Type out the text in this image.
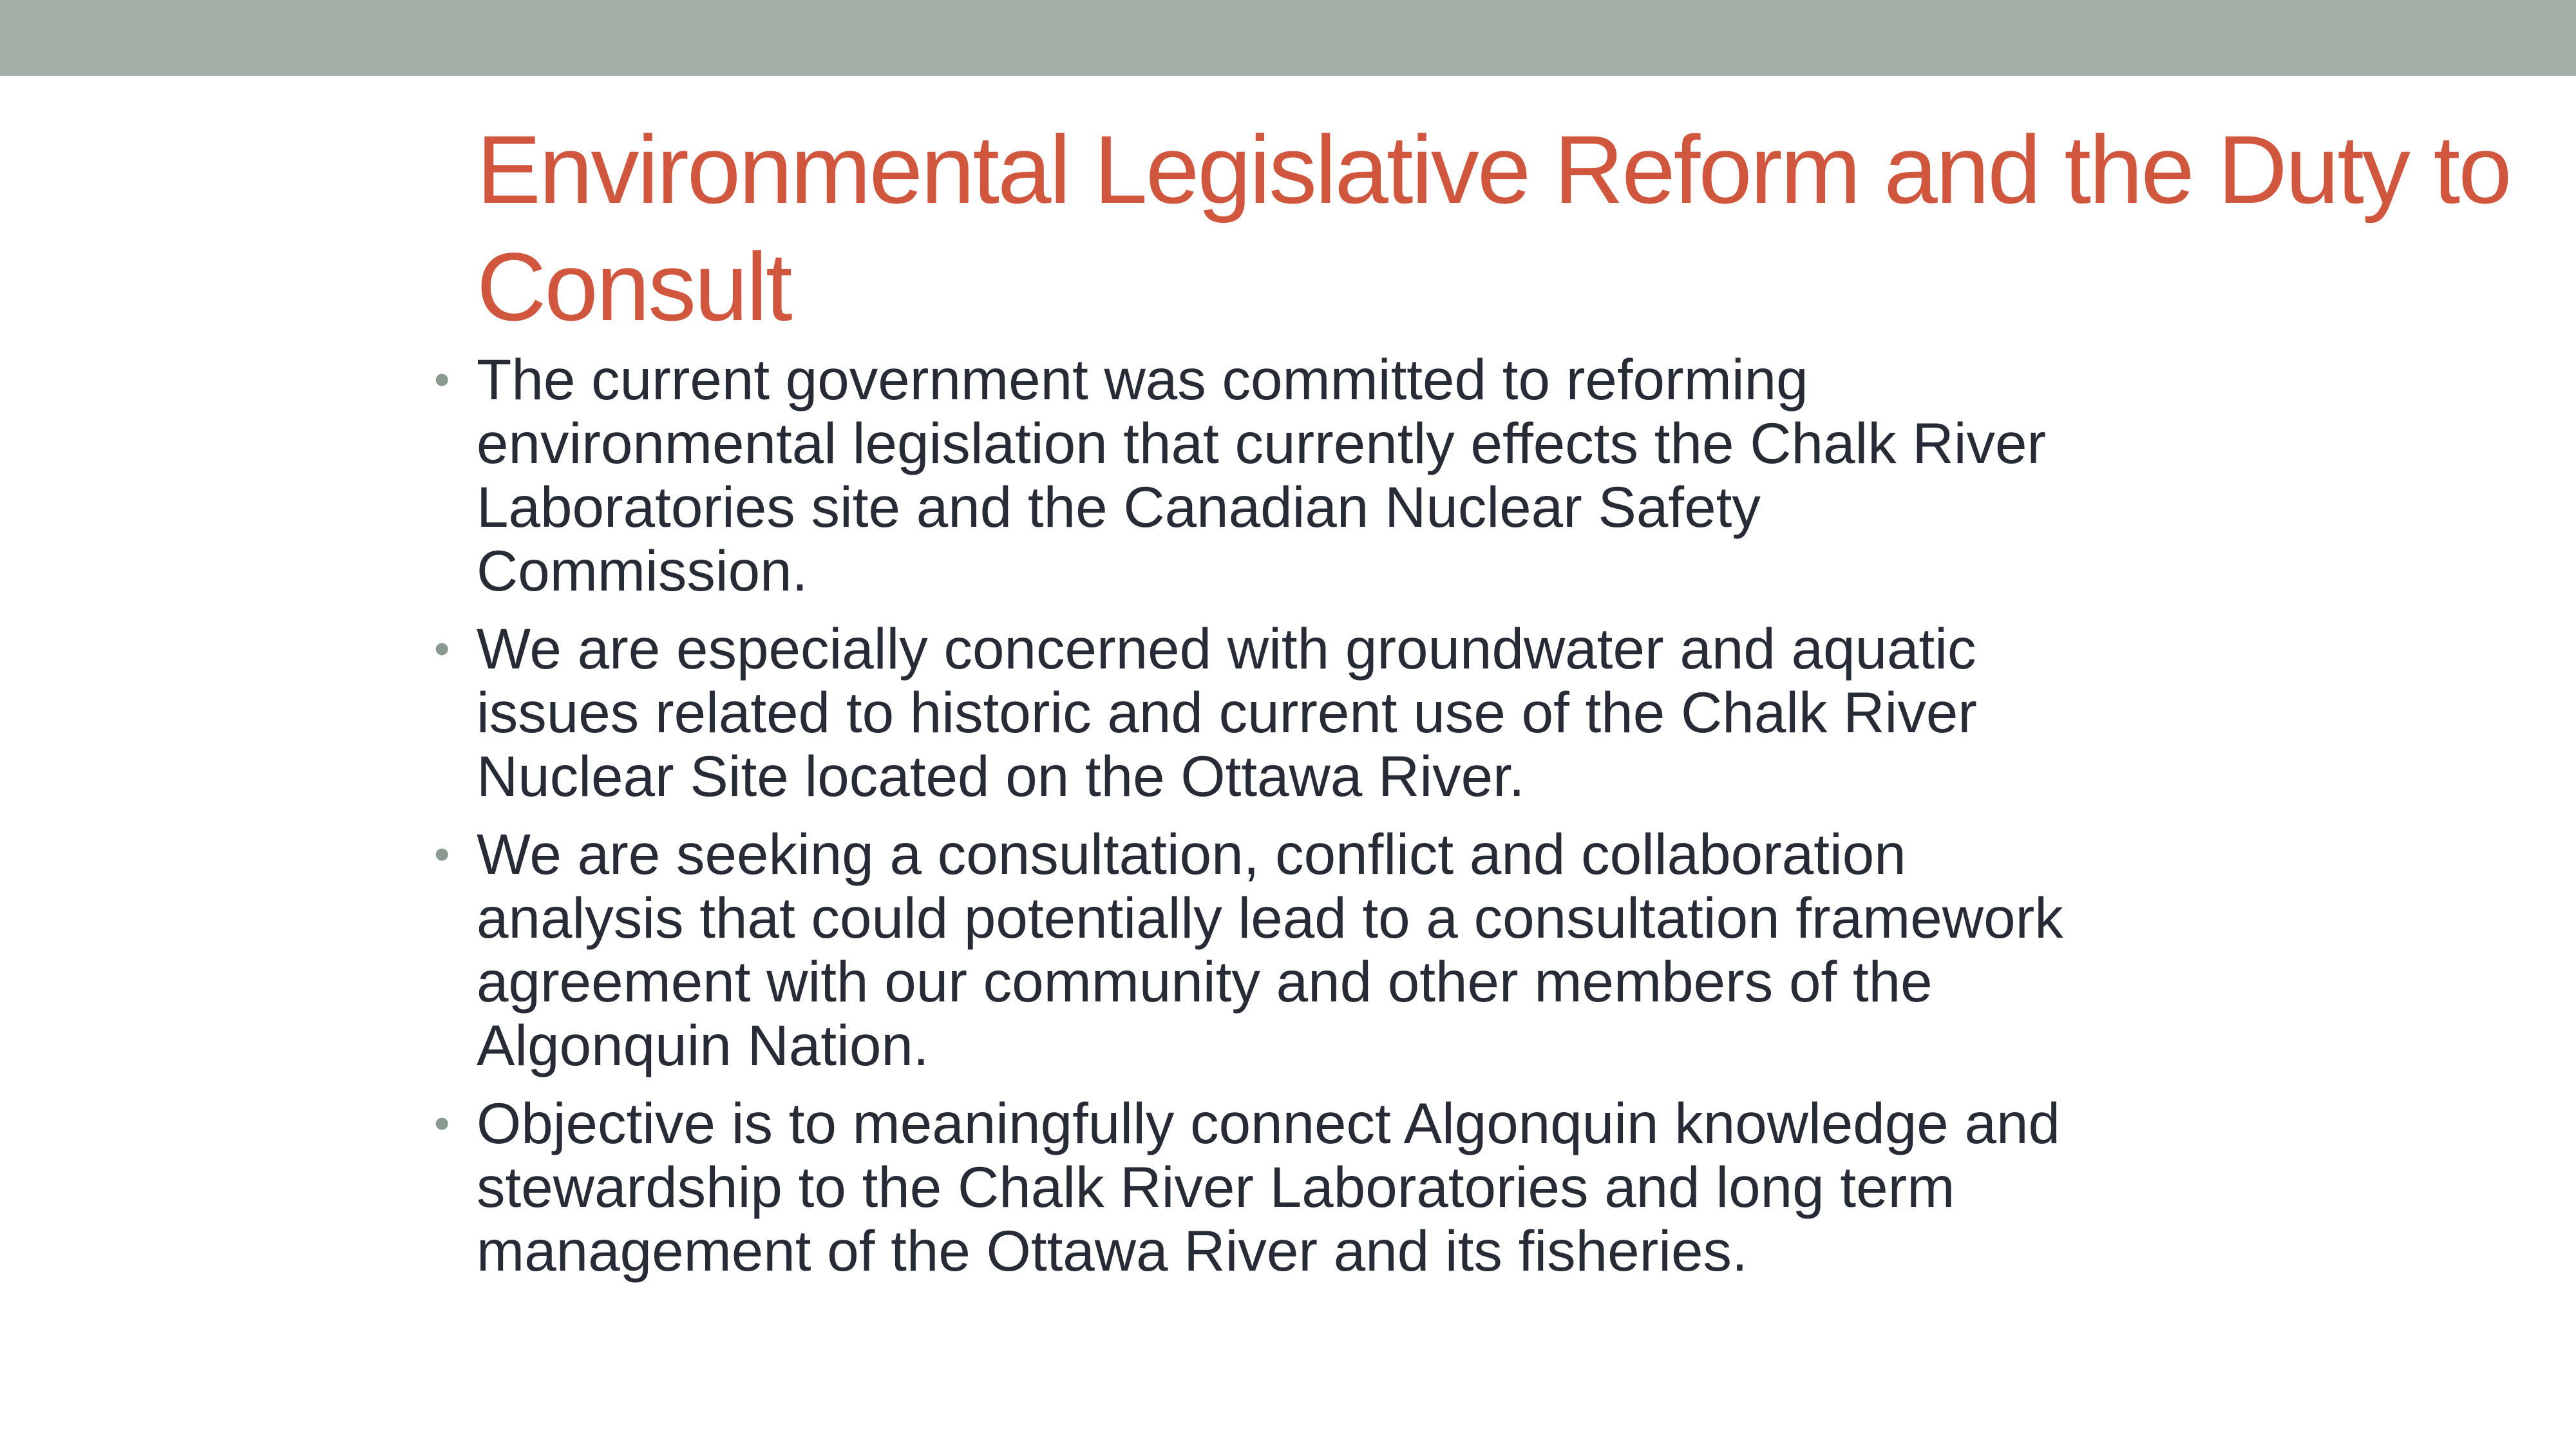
Environmental Legislative Reform and the Duty to
Consult
• The current government was committed to reforming
environmental legislation that currently effects the Chalk River
Laboratories site and the Canadian Nuclear Safety
Commission.
• We are especially concerned with groundwater and aquatic
issues related to historic and current use of the Chalk River
Nuclear Site located on the Ottawa River.
• We are seeking a consultation, conflict and collaboration
analysis that could potentially lead to a consultation framework
agreement with our community and other members of the
Algonquin Nation.
• Objective is to meaningfully connect Algonquin knowledge and
stewardship to the Chalk River Laboratories and long term
management of the Ottawa River and its fisheries.
